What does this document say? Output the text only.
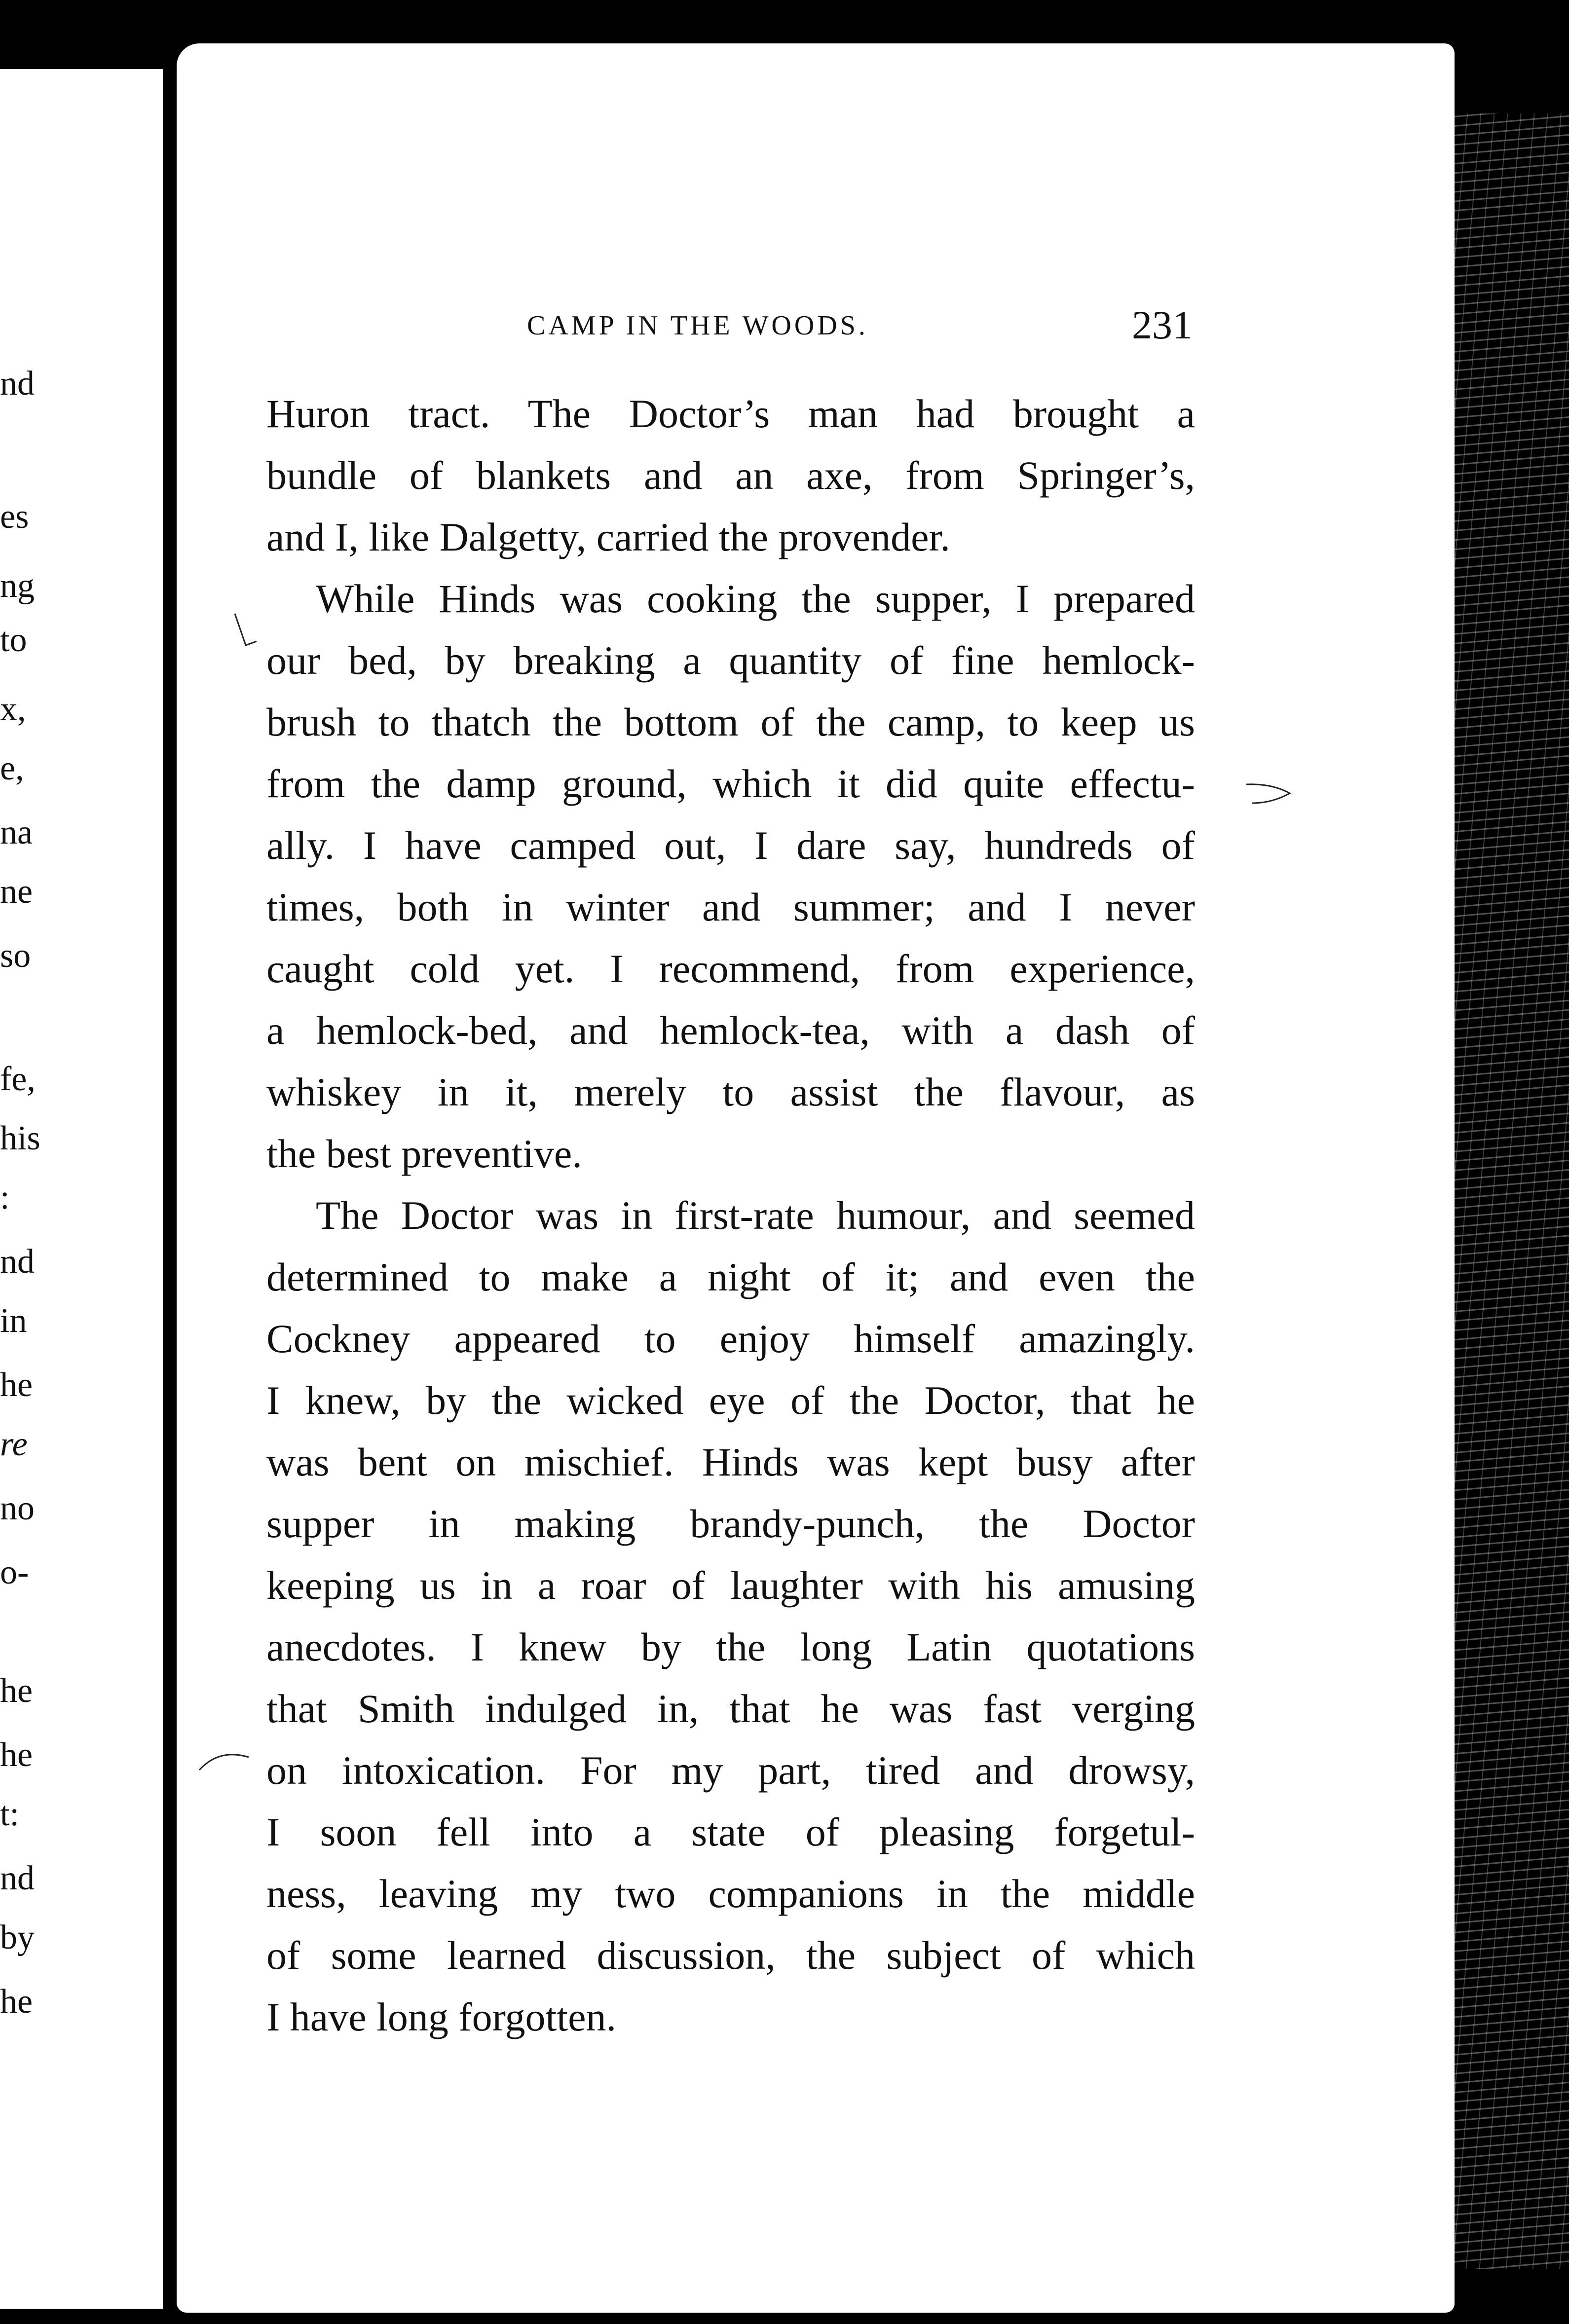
nd
es
ng
to
x,
e,
na
ne
so
fe,
his
:
nd
in
he
re
no
o-
he
he
t:
nd
by
he
CAMP IN THE WOODS.	231
Huron tract. The Doctor’s man had brought a
bundle of blankets and an axe, from Springer’s,
and I, like Dalgetty, carried the provender.
While Hinds was cooking the supper, I prepared
our bed, by breaking a quantity of fine hemlock-
brush to thatch the bottom of the camp, to keep us
from the damp ground, which it did quite effectu-
ally. I have camped out, I dare say, hundreds of
times, both in winter and summer; and I never
caught cold yet. I recommend, from experience,
a hemlock-bed, and hemlock-tea, with a dash of
whiskey in it, merely to assist the flavour, as
the best preventive.
The Doctor was in first-rate humour, and seemed
determined to make a night of it; and even the
Cockney appeared to enjoy himself amazingly.
I knew, by the wicked eye of the Doctor, that he
was bent on mischief. Hinds was kept busy after
supper in making brandy-punch, the Doctor
keeping us in a roar of laughter with his amusing
anecdotes. I knew by the long Latin quotations
that Smith indulged in, that he was fast verging
on intoxication. For my part, tired and drowsy,
I soon fell into a state of pleasing forgetul-
ness, leaving my two companions in the middle
of some learned discussion, the subject of which
I have long forgotten.
